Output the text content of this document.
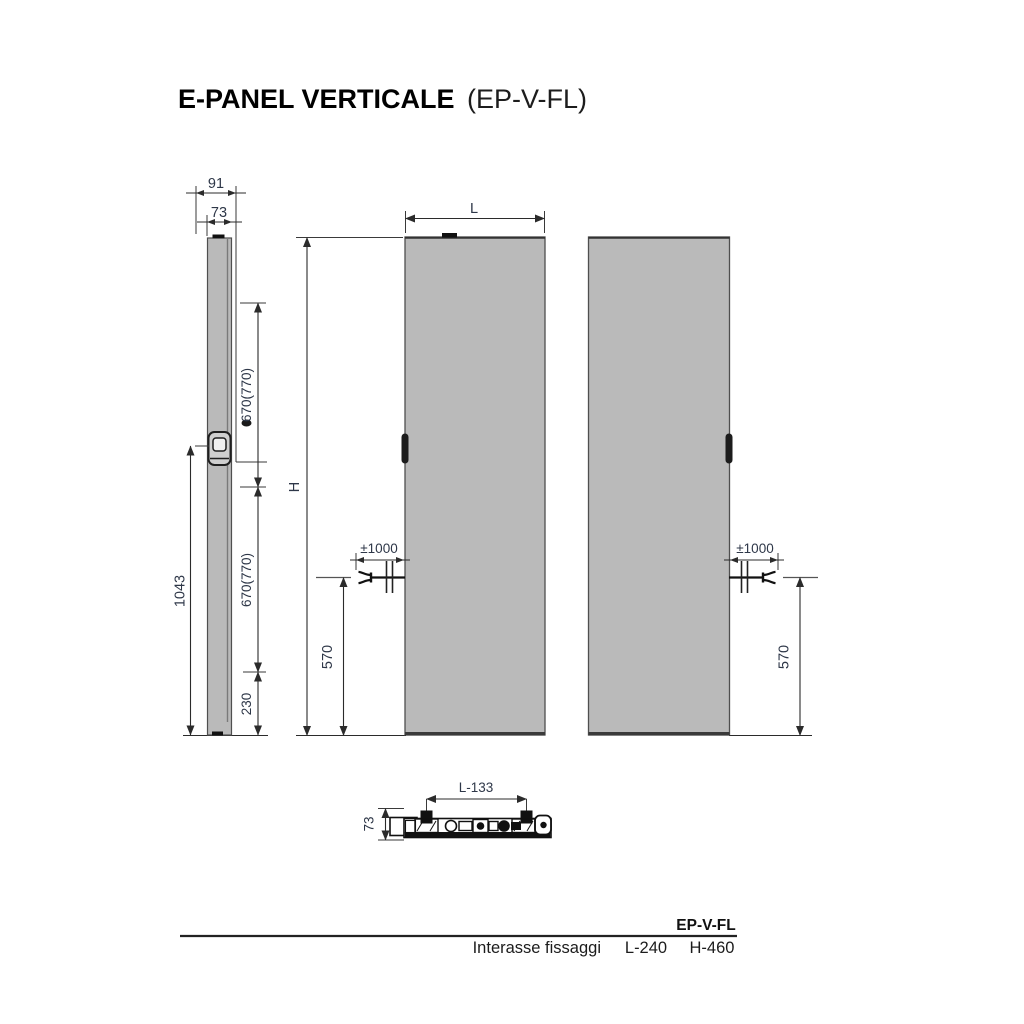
E-PANEL VERTICALE (EP-V-FL)
91
73
670(770)
670(770)
230
1043
L
H
±1000
570
±1000
570
L-133
73
EP-V-FL
Interasse fissaggi L-240 H-460
